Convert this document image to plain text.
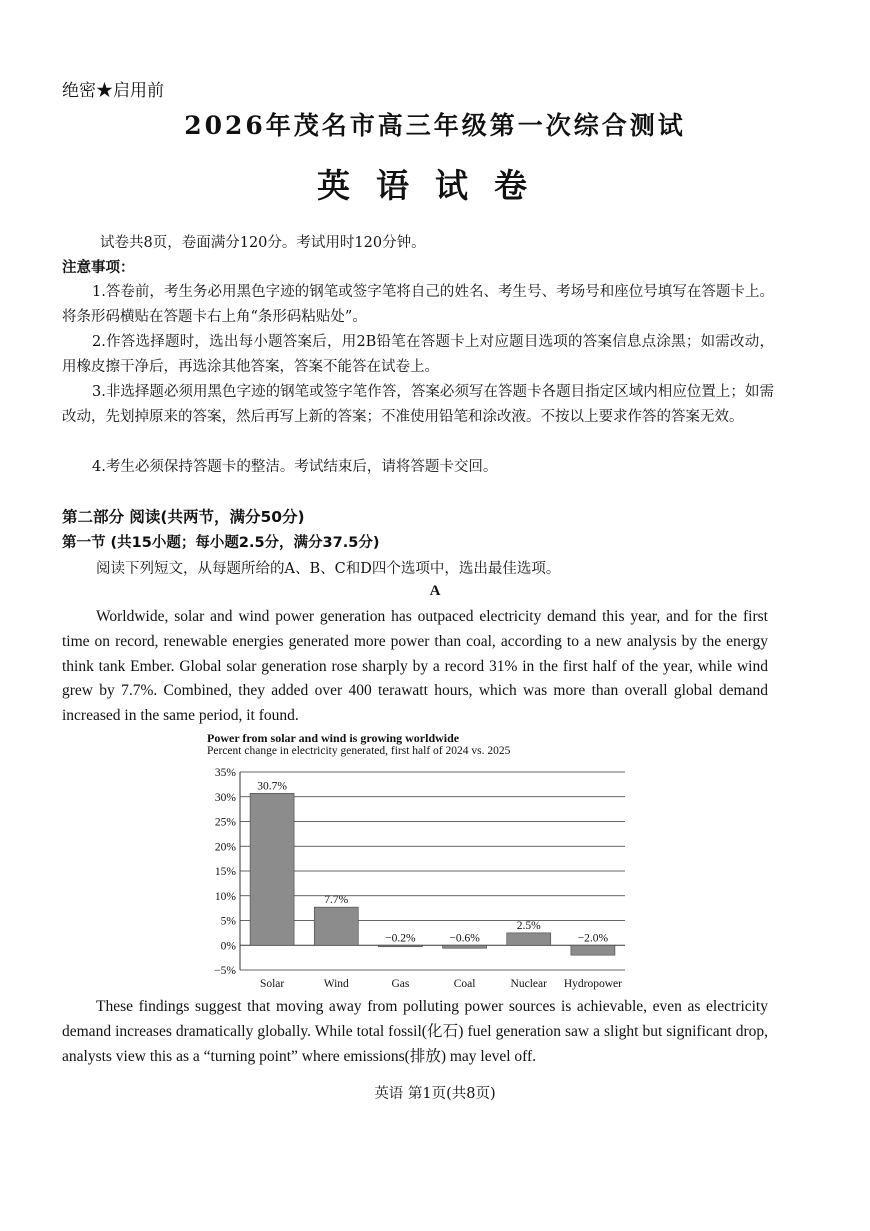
绝密★启用前
2026年茂名市高三年级第一次综合测试
英语试卷
试卷共8页，卷面满分120分。考试用时120分钟。
注意事项：
1.答卷前，考生务必用黑色字迹的钢笔或签字笔将自己的姓名、考生号、考场号和座位号填写在答题卡上。将条形码横贴在答题卡右上角“条形码粘贴处”。
2.作答选择题时，选出每小题答案后，用2B铅笔在答题卡上对应题目选项的答案信息点涂黑；如需改动，用橡皮擦干净后，再选涂其他答案，答案不能答在试卷上。
3.非选择题必须用黑色字迹的钢笔或签字笔作答，答案必须写在答题卡各题目指定区域内相应位置上；如需改动，先划掉原来的答案，然后再写上新的答案；不准使用铅笔和涂改液。不按以上要求作答的答案无效。
4.考生必须保持答题卡的整洁。考试结束后，请将答题卡交回。
第二部分 阅读(共两节，满分50分)
第一节 (共15小题；每小题2.5分，满分37.5分)
阅读下列短文，从每题所给的A、B、C和D四个选项中，选出最佳选项。
A
Worldwide, solar and wind power generation has outpaced electricity demand this year, and for the first time on record, renewable energies generated more power than coal, according to a new analysis by the energy think tank Ember. Global solar generation rose sharply by a record 31% in the first half of the year, while wind grew by 7.7%. Combined, they added over 400 terawatt hours, which was more than overall global demand increased in the same period, it found.
Power from solar and wind is growing worldwide
Percent change in electricity generated, first half of 2024 vs. 2025
35%
30%
25%
20%
15%
10%
5%
0%
−5%
30.7%
Solar
7.7%
Wind
−0.2%
Gas
−0.6%
Coal
2.5%
Nuclear
−2.0%
Hydropower
These findings suggest that moving away from polluting power sources is achievable, even as electricity demand increases dramatically globally. While total fossil(化石) fuel generation saw a slight but significant drop, analysts view this as a “turning point” where emissions(排放) may level off.
英语 第1页(共8页)
